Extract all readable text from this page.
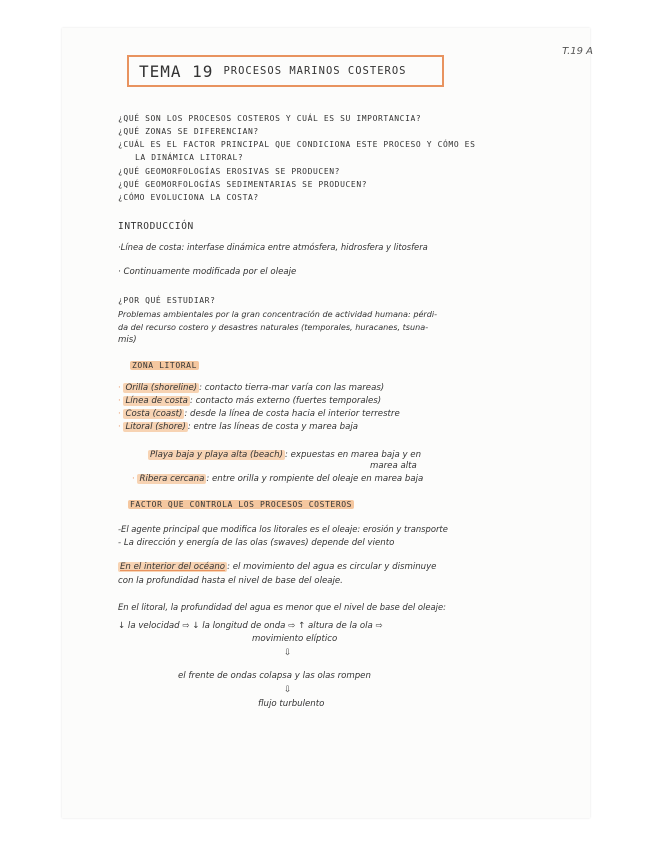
T.19 A
TEMA 19 PROCESOS MARINOS COSTEROS
¿QUÉ SON LOS PROCESOS COSTEROS Y CUÁL ES SU IMPORTANCIA?
¿QUÉ ZONAS SE DIFERENCIAN?
¿CUÁL ES EL FACTOR PRINCIPAL QUE CONDICIONA ESTE PROCESO Y CÓMO ES
LA DINÁMICA LITORAL?
¿QUÉ GEOMORFOLOGÍAS EROSIVAS SE PRODUCEN?
¿QUÉ GEOMORFOLOGÍAS SEDIMENTARIAS SE PRODUCEN?
¿CÓMO EVOLUCIONA LA COSTA?
INTRODUCCIÓN
·Línea de costa: interfase dinámica entre atmósfera, hidrosfera y litosfera
· Continuamente modificada por el oleaje
¿POR QUÉ ESTUDIAR?
Problemas ambientales por la gran concentración de actividad humana: pérdi-
da del recurso costero y desastres naturales (temporales, huracanes, tsuna-
mis)
ZONA LITORAL
· Orilla (shoreline) : contacto tierra-mar varía con las mareas)
· Línea de costa : contacto más externo (fuertes temporales)
· Costa (coast) : desde la línea de costa hacia el interior terrestre
· Litoral (shore) : entre las líneas de costa y marea baja
Playa baja y playa alta (beach) : expuestas en marea baja y en
marea alta
· Ribera cercana : entre orilla y rompiente del oleaje en marea baja
FACTOR QUE CONTROLA LOS PROCESOS COSTEROS
-El agente principal que modifica los litorales es el oleaje: erosión y transporte
- La dirección y energía de las olas (swaves) depende del viento
En el interior del océano : el movimiento del agua es circular y disminuye
con la profundidad hasta el nivel de base del oleaje.
En el litoral, la profundidad del agua es menor que el nivel de base del oleaje:
↓ la velocidad ⇨ ↓ la longitud de onda ⇨ ↑ altura de la ola ⇨
movimiento elíptico
⇩
el frente de ondas colapsa y las olas rompen
⇩
flujo turbulento
